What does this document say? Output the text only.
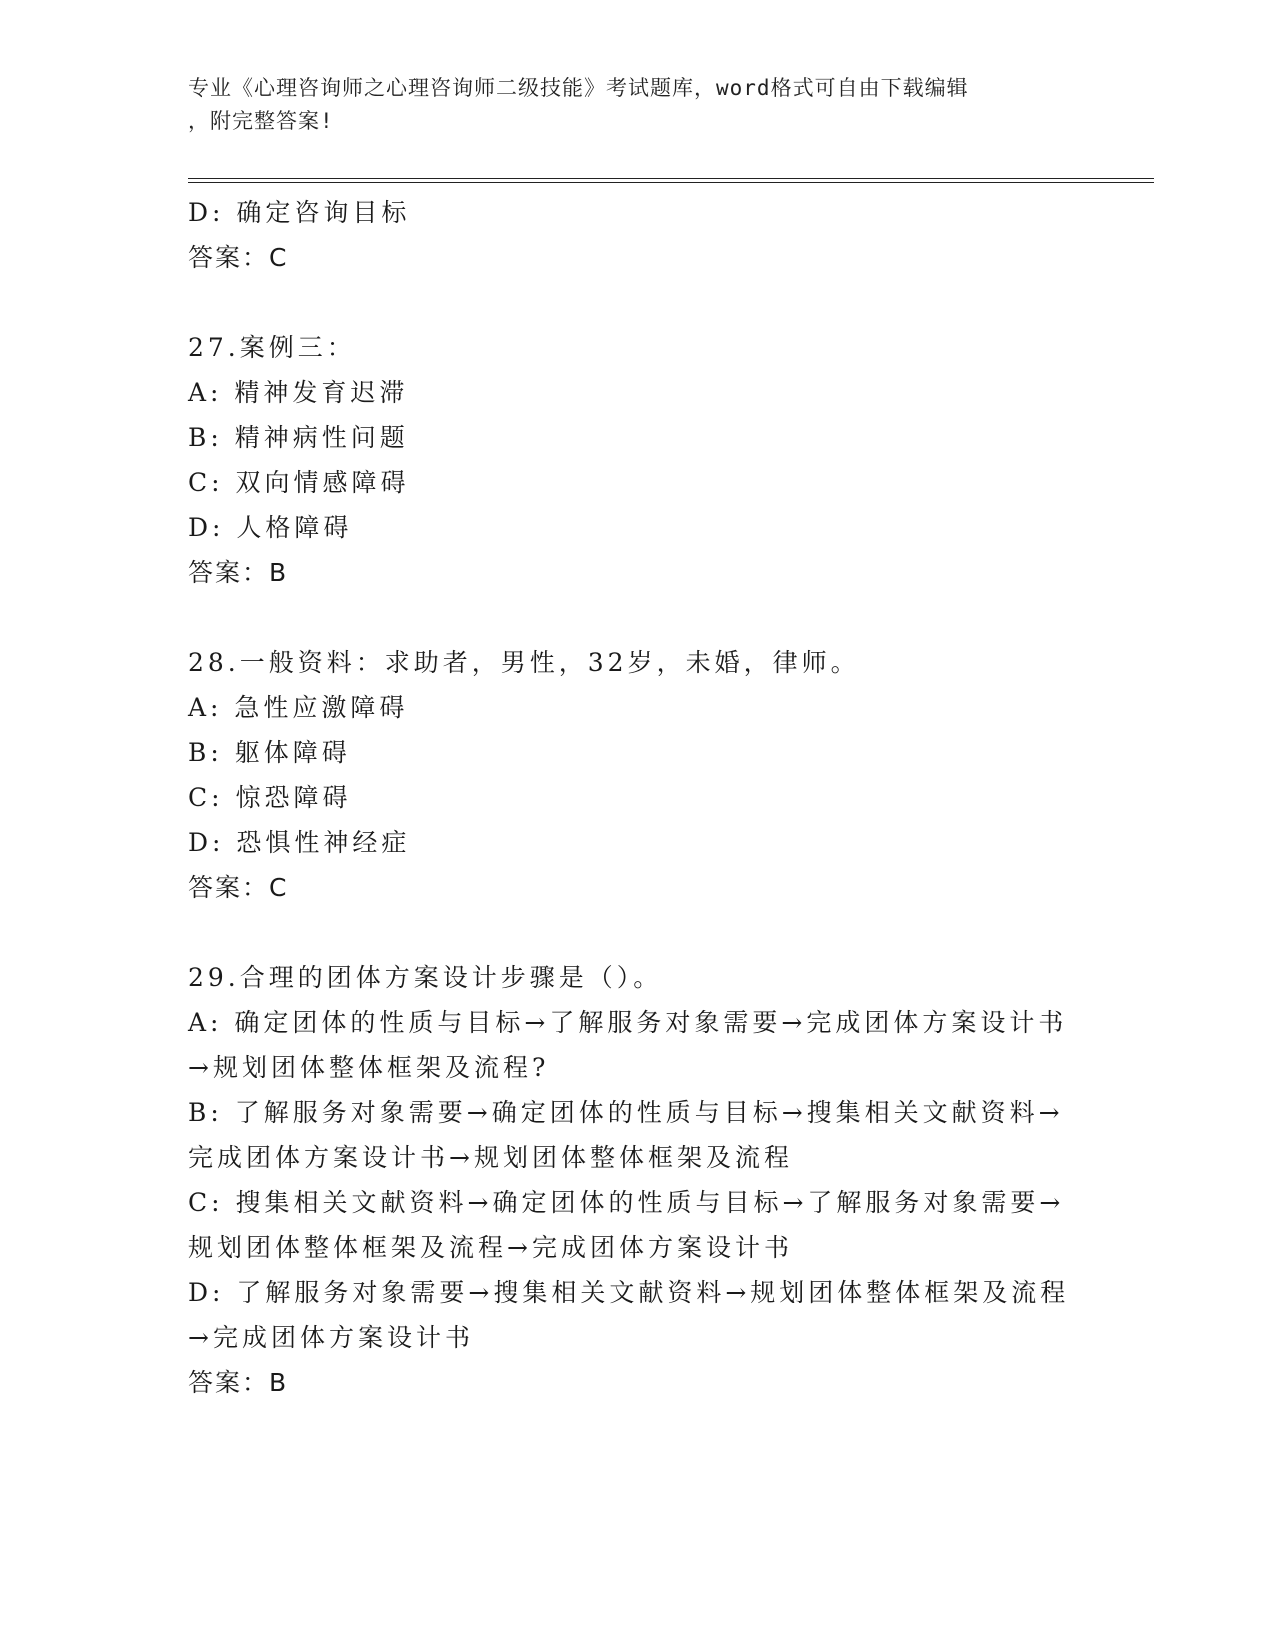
专业《心理咨询师之心理咨询师二级技能》考试题库，word格式可自由下载编辑
，附完整答案!
D: 确定咨询目标
答案：C
27.案例三：
A: 精神发育迟滞
B: 精神病性问题
C: 双向情感障碍
D: 人格障碍
答案：B
28.一般资料：求助者，男性，32岁，未婚，律师。
A: 急性应激障碍
B: 躯体障碍
C: 惊恐障碍
D: 恐惧性神经症
答案：C
29.合理的团体方案设计步骤是（）。
A: 确定团体的性质与目标→了解服务对象需要→完成团体方案设计书
→规划团体整体框架及流程?
B: 了解服务对象需要→确定团体的性质与目标→搜集相关文献资料→
完成团体方案设计书→规划团体整体框架及流程
C: 搜集相关文献资料→确定团体的性质与目标→了解服务对象需要→
规划团体整体框架及流程→完成团体方案设计书
D: 了解服务对象需要→搜集相关文献资料→规划团体整体框架及流程
→完成团体方案设计书
答案：B
